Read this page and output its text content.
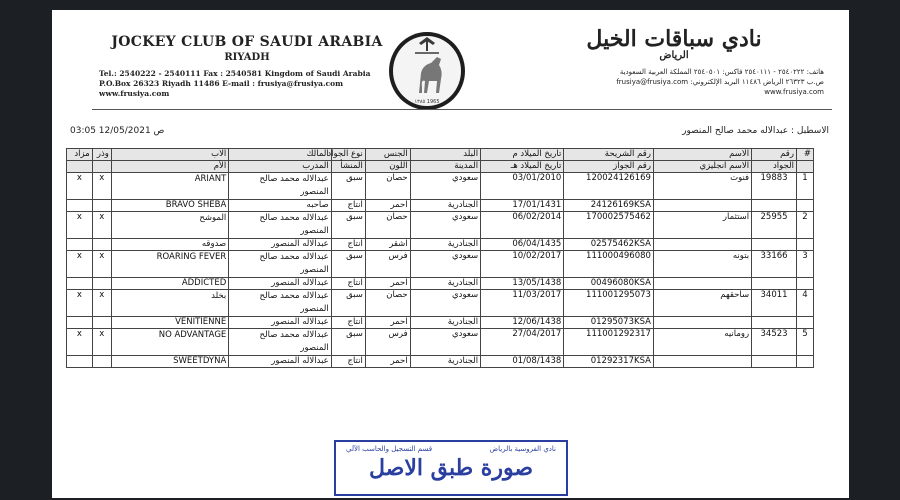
JOCKEY CLUB OF SAUDI ARABIA
RIYADH
Tel.: 2540222 - 2540111 Fax : 2540581 Kingdom of Saudi Arabia
P.O.Box 26323 Riyadh 11486 E-mail : frusiya@frusiya.com
www.frusiya.com
١٣٨٥ 1965
نادي سباقات الخيل
الرياض
هاتف: ٢٥٤٠٢٢٢ - ٢٥٤٠١١١ فاكس: ٢٥٤٠٥٠١ المملكة العربية السعودية
ص.ب ٢٦٣٢٣ الرياض ١١٤٨٦ البريد الإلكتروني: frusiya@frusiya.com
www.frusiya.com
03:05 12/05/2021 ص	الاسطبل : عبدالاله محمد صالح المنصور
#	رقم	الاسم	رقم الشريحة	تاريخ الميلاد م	البلد	الجنس	نوع الجواد	المالك	الاب	وذر	مزاد
	الجواد	الاسم انجليزي	رقم الجواز	تاريخ الميلاد هـ	المدينة	اللون	المنشأ	المدرب	الأم		
1	19883	فنوت	120024126169	03/01/2010	سعودي	حصان	سبق	عبدالاله محمد صالح المنصور	ARIANT	x	x
			24126169KSA	17/01/1431	الجنادرية	احمر	انتاج	صاحبه	BRAVO SHEBA		
2	25955	استثمار	170002575462	06/02/2014	سعودي	حصان	سبق	عبدالاله محمد صالح المنصور	الموشح	x	x
			02575462KSA	06/04/1435	الجنادرية	اشقر	انتاج	عبدالاله المنصور	صدوقه		
3	33166	بتونه	111000496080	10/02/2017	سعودي	فرس	سبق	عبدالاله محمد صالح المنصور	ROARING FEVER	x	x
			00496080KSA	13/05/1438	الجنادرية	احمر	انتاج	عبدالاله المنصور	ADDICTED		
4	34011	ساحقهم	111001295073	11/03/2017	سعودي	حصان	سبق	عبدالاله محمد صالح المنصور	بخلد	x	x
			01295073KSA	12/06/1438	الجنادرية	احمر	انتاج	عبدالاله المنصور	VENITIENNE		
5	34523	رومانيه	111001292317	27/04/2017	سعودي	فرس	سبق	عبدالاله محمد صالح المنصور	NO ADVANTAGE	x	x
			01292317KSA	01/08/1438	الجنادرية	احمر	انتاج	عبدالاله المنصور	SWEETDYNA		
نادي الفروسية بالرياض
قسم التسجيل والحاسب الآلي
صورة طبق الاصل
